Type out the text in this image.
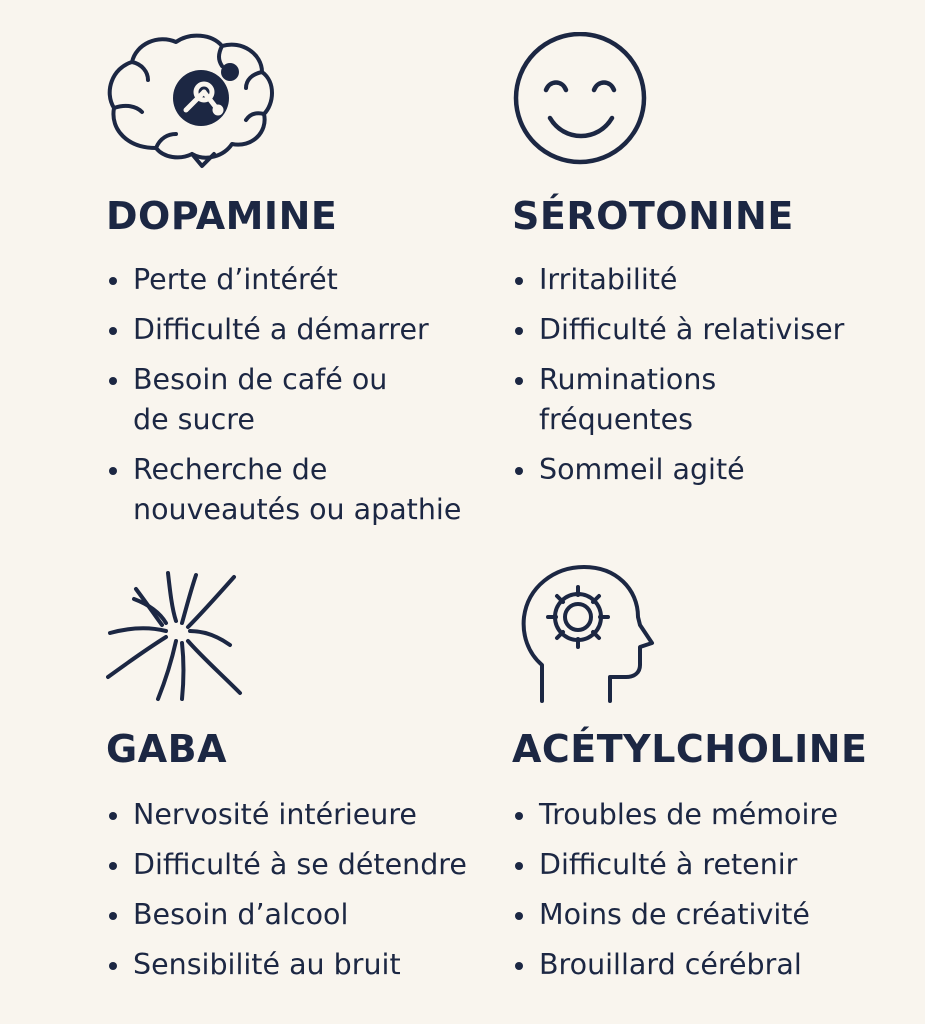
DOPAMINE
Perte d’intérét
Difficulté a démarrer
Besoin de café ou
de sucre
Recherche de
nouveautés ou apathie
SÉROTONINE
Irritabilité
Difficulté à relativiser
Ruminations
fréquentes
Sommeil agité
GABA
Nervosité intérieure
Difficulté à se détendre
Besoin d’alcool
Sensibilité au bruit
ACÉTYLCHOLINE
Troubles de mémoire
Difficulté à retenir
Moins de créativité
Brouillard cérébral
